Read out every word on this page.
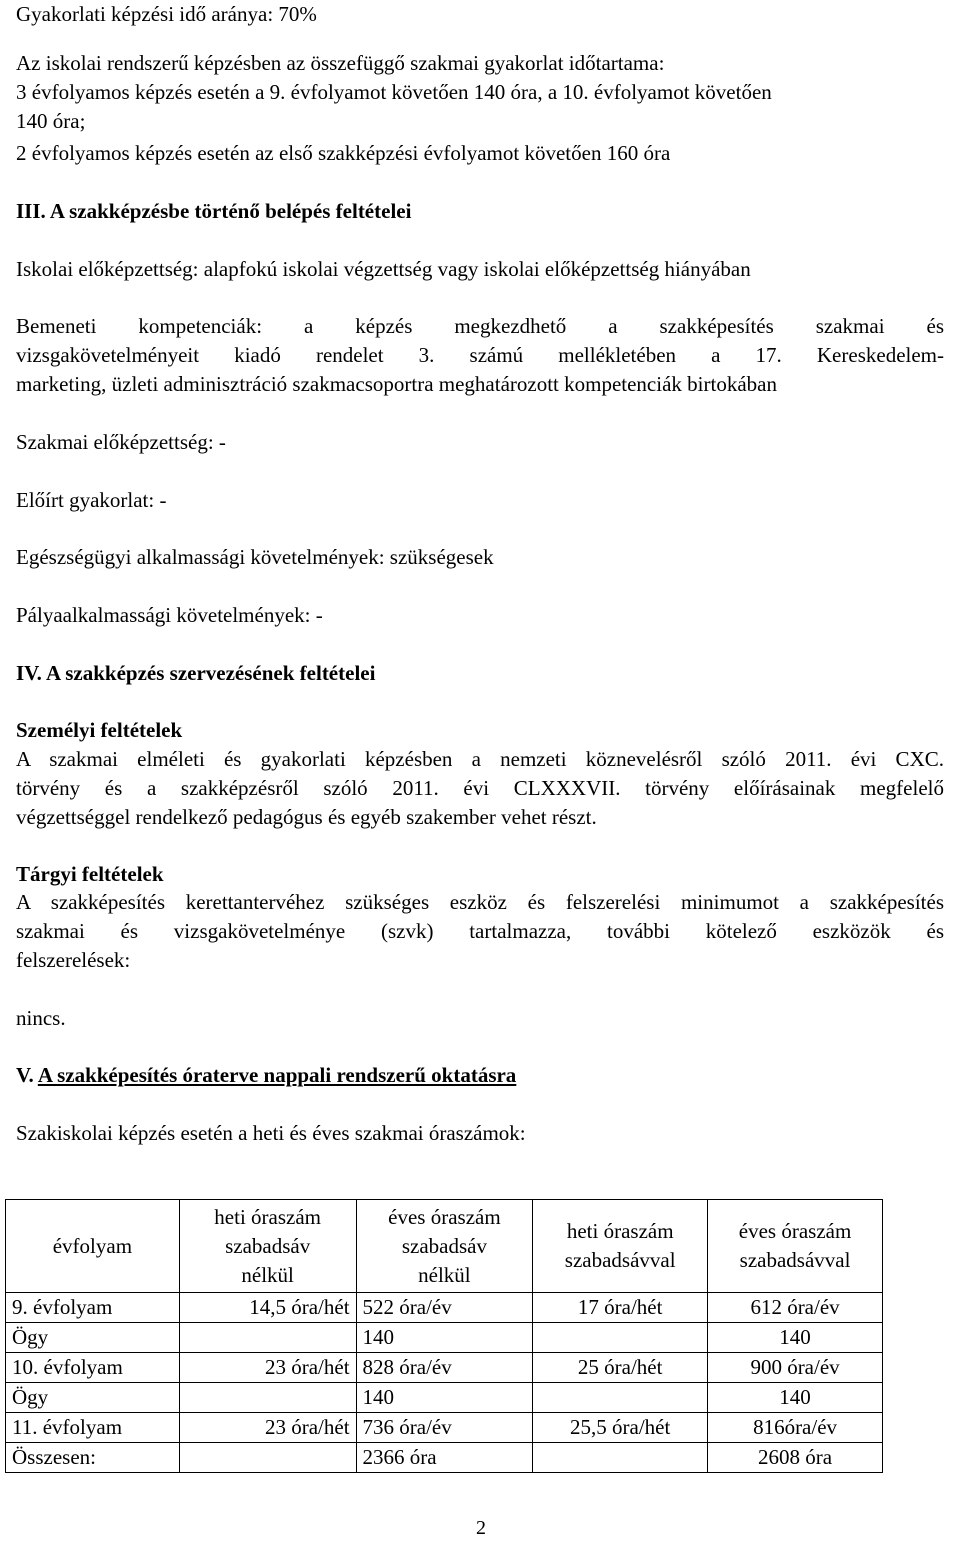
Gyakorlati képzési idő aránya: 70%

Az iskolai rendszerű képzésben az összefüggő szakmai gyakorlat időtartama:

3 évfolyamos képzés esetén a 9. évfolyamot követően 140 óra, a 10. évfolyamot követően

140 óra;

2 évfolyamos képzés esetén az első szakképzési évfolyamot követően 160 óra

III. A szakképzésbe történő belépés feltételei

Iskolai előképzettség: alapfokú iskolai végzettség vagy iskolai előképzettség hiányában

Bemeneti kompetenciák: a képzés megkezdhető a szakképesítés szakmai és

vizsgakövetelményeit kiadó rendelet 3. számú mellékletében a 17. Kereskedelem-

marketing, üzleti adminisztráció szakmacsoportra meghatározott kompetenciák birtokában

Szakmai előképzettség: -

Előírt gyakorlat: -

Egészségügyi alkalmassági követelmények: szükségesek

Pályaalkalmassági követelmények: -

IV. A szakképzés szervezésének feltételei

Személyi feltételek

A szakmai elméleti és gyakorlati képzésben a nemzeti köznevelésről szóló 2011. évi CXC.

törvény és a szakképzésről szóló 2011. évi CLXXXVII. törvény előírásainak megfelelő

végzettséggel rendelkező pedagógus és egyéb szakember vehet részt.

Tárgyi feltételek

A szakképesítés kerettantervéhez szükséges eszköz és felszerelési minimumot a szakképesítés

szakmai és vizsgakövetelménye (szvk) tartalmazza, további kötelező eszközök és

felszerelések:

nincs.

V. A szakképesítés óraterve nappali rendszerű oktatásra

Szakiskolai képzés esetén a heti és éves szakmai óraszámok:

évfolyam	heti óraszám
szabadsáv
nélkül	éves óraszám
szabadsáv
nélkül	heti óraszám
szabadsávval	éves óraszám
szabadsávval
9. évfolyam	14,5 óra/hét	522 óra/év	17 óra/hét	612 óra/év
Ögy		140		140
10. évfolyam	23 óra/hét	828 óra/év	25 óra/hét	900 óra/év
Ögy		140		140
11. évfolyam	23 óra/hét	736 óra/év	25,5 óra/hét	816óra/év
Összesen:		2366 óra		2608 óra
2
